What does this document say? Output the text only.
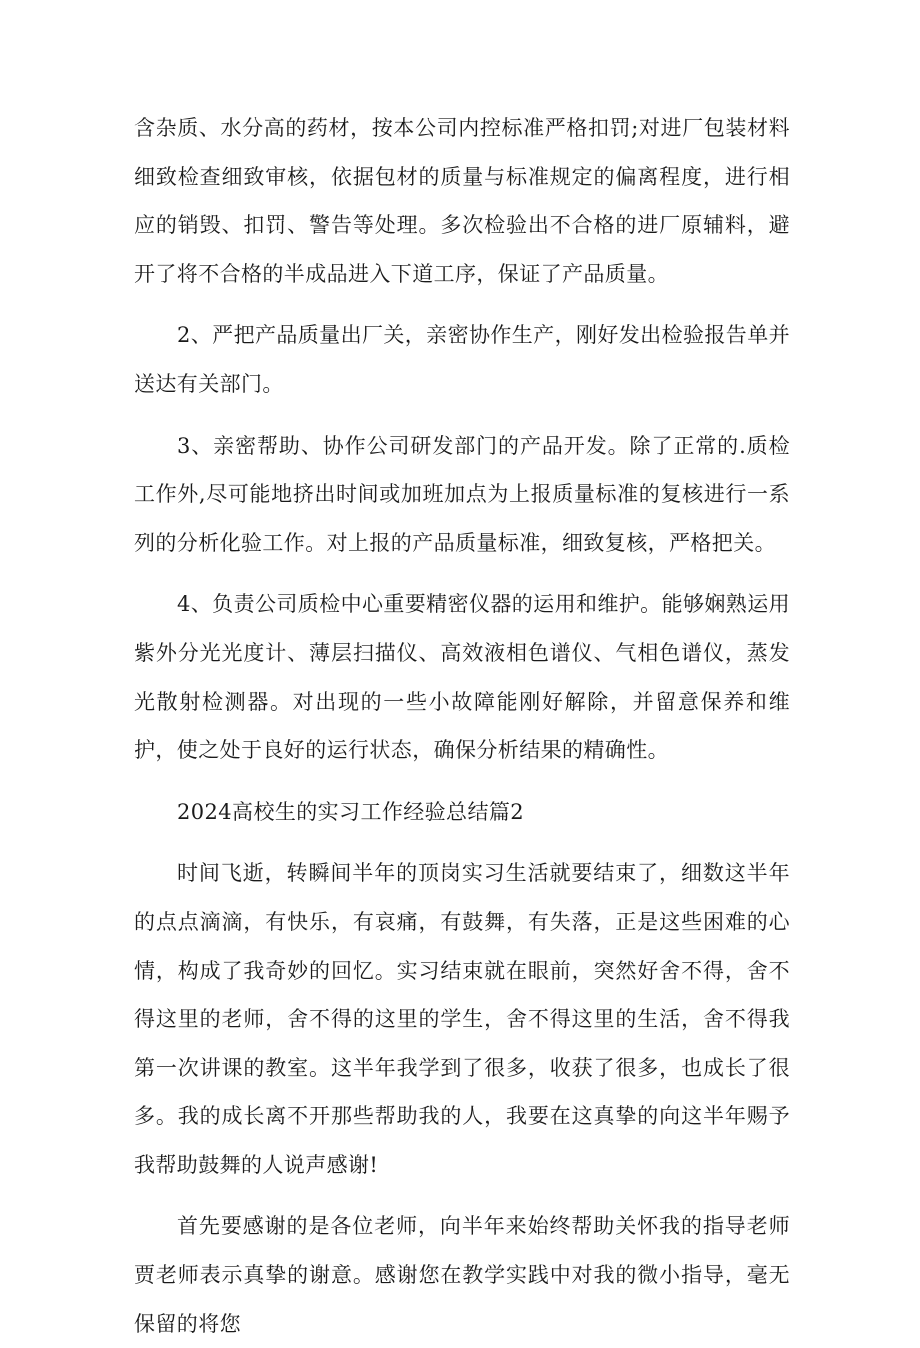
含杂质、水分高的药材，按本公司内控标准严格扣罚;对进厂包装材料细致检查细致审核，依据包材的质量与标准规定的偏离程度，进行相应的销毁、扣罚、警告等处理。多次检验出不合格的进厂原辅料，避开了将不合格的半成品进入下道工序，保证了产品质量。

2、严把产品质量出厂关，亲密协作生产，刚好发出检验报告单并送达有关部门。

3、亲密帮助、协作公司研发部门的产品开发。除了正常的.质检工作外,尽可能地挤出时间或加班加点为上报质量标准的复核进行一系列的分析化验工作。对上报的产品质量标准，细致复核，严格把关。

4、负责公司质检中心重要精密仪器的运用和维护。能够娴熟运用紫外分光光度计、薄层扫描仪、高效液相色谱仪、气相色谱仪，蒸发光散射检测器。对出现的一些小故障能刚好解除，并留意保养和维护，使之处于良好的运行状态，确保分析结果的精确性。

2024高校生的实习工作经验总结篇2

时间飞逝，转瞬间半年的顶岗实习生活就要结束了，细数这半年的点点滴滴，有快乐，有哀痛，有鼓舞，有失落，正是这些困难的心情，构成了我奇妙的回忆。实习结束就在眼前，突然好舍不得，舍不得这里的老师，舍不得的这里的学生，舍不得这里的生活，舍不得我第一次讲课的教室。这半年我学到了很多，收获了很多，也成长了很多。我的成长离不开那些帮助我的人，我要在这真挚的向这半年赐予我帮助鼓舞的人说声感谢!

首先要感谢的是各位老师，向半年来始终帮助关怀我的指导老师贾老师表示真挚的谢意。感谢您在教学实践中对我的微小指导，毫无保留的将您
